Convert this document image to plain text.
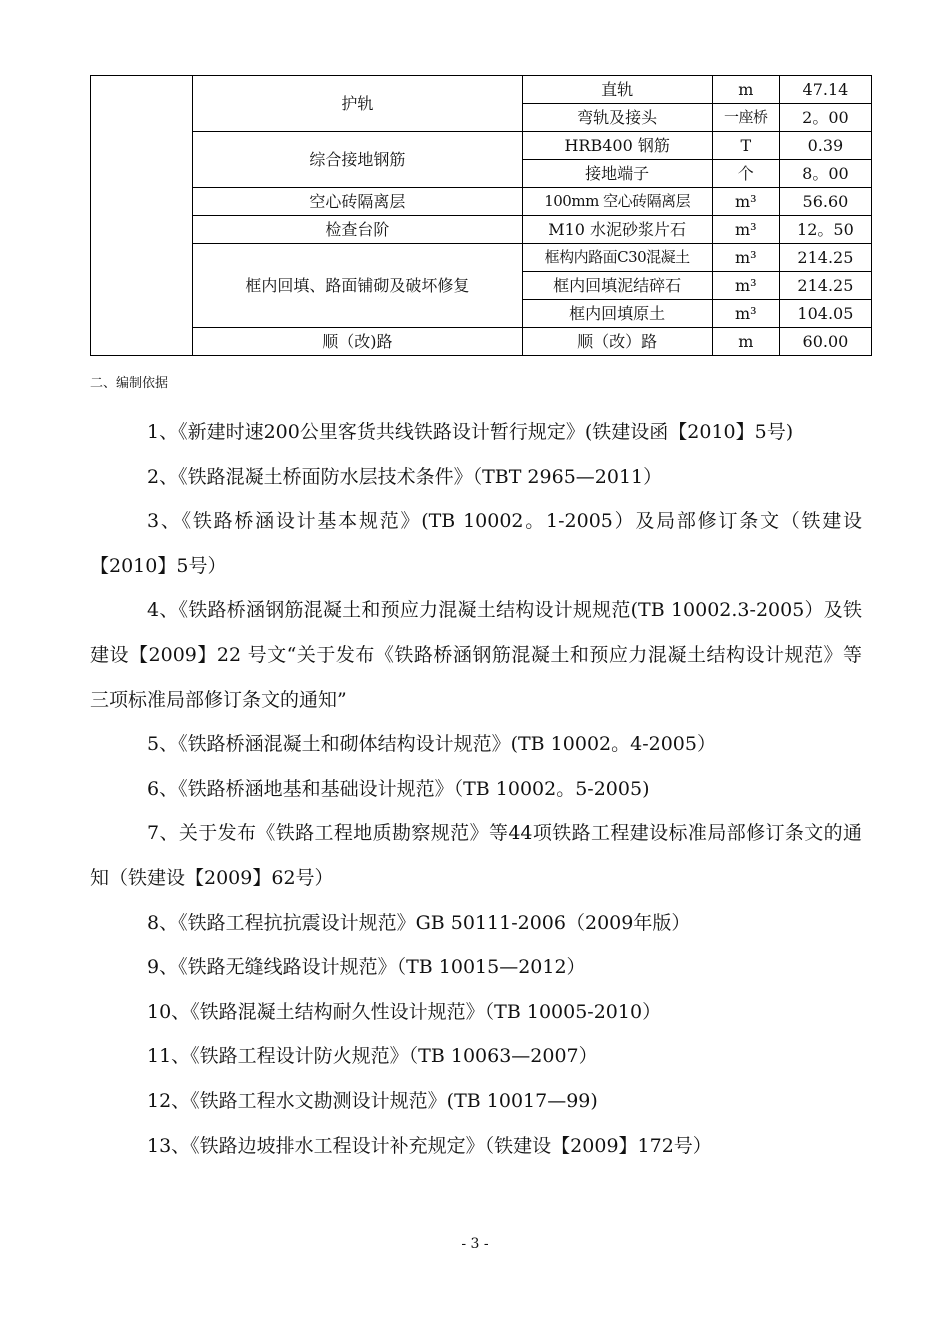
	护轨	直轨	m	47.14
		弯轨及接头	一座桥	2。00
	综合接地钢筋	HRB400 钢筋	T	0.39
		接地端子	个	8。00
	空心砖隔离层	100mm 空心砖隔离层	m³	56.60
	检查台阶	M10 水泥砂浆片石	m³	12。50
	框内回填、路面铺砌及破坏修复	框构内路面C30混凝土	m³	214.25
		框内回填泥结碎石	m³	214.25
		框内回填原土	m³	104.05
	顺（改)路	顺（改）路	m	60.00
二、编制依据

1、《新建时速200公里客货共线铁路设计暂行规定》(铁建设函【2010】5号)

2、《铁路混凝土桥面防水层技术条件》（TBT 2965—2011）

3、《铁路桥涵设计基本规范》(TB 10002。1-2005）及局部修订条文（铁建设【2010】5号）

4、《铁路桥涵钢筋混凝土和预应力混凝土结构设计规规范(TB 10002.3-2005）及铁建设【2009】22 号文“关于发布《铁路桥涵钢筋混凝土和预应力混凝土结构设计规范》等三项标准局部修订条文的通知”

5、《铁路桥涵混凝土和砌体结构设计规范》(TB 10002。4-2005）

6、《铁路桥涵地基和基础设计规范》（TB 10002。5-2005)

7、关于发布《铁路工程地质勘察规范》等44项铁路工程建设标准局部修订条文的通知（铁建设【2009】62号）

8、《铁路工程抗抗震设计规范》GB 50111-2006（2009年版）

9、《铁路无缝线路设计规范》（TB 10015—2012）

10、《铁路混凝土结构耐久性设计规范》（TB 10005-2010）

11、《铁路工程设计防火规范》（TB 10063—2007）

12、《铁路工程水文勘测设计规范》(TB 10017—99)

13、《铁路边坡排水工程设计补充规定》（铁建设【2009】172号）

- 3 -
